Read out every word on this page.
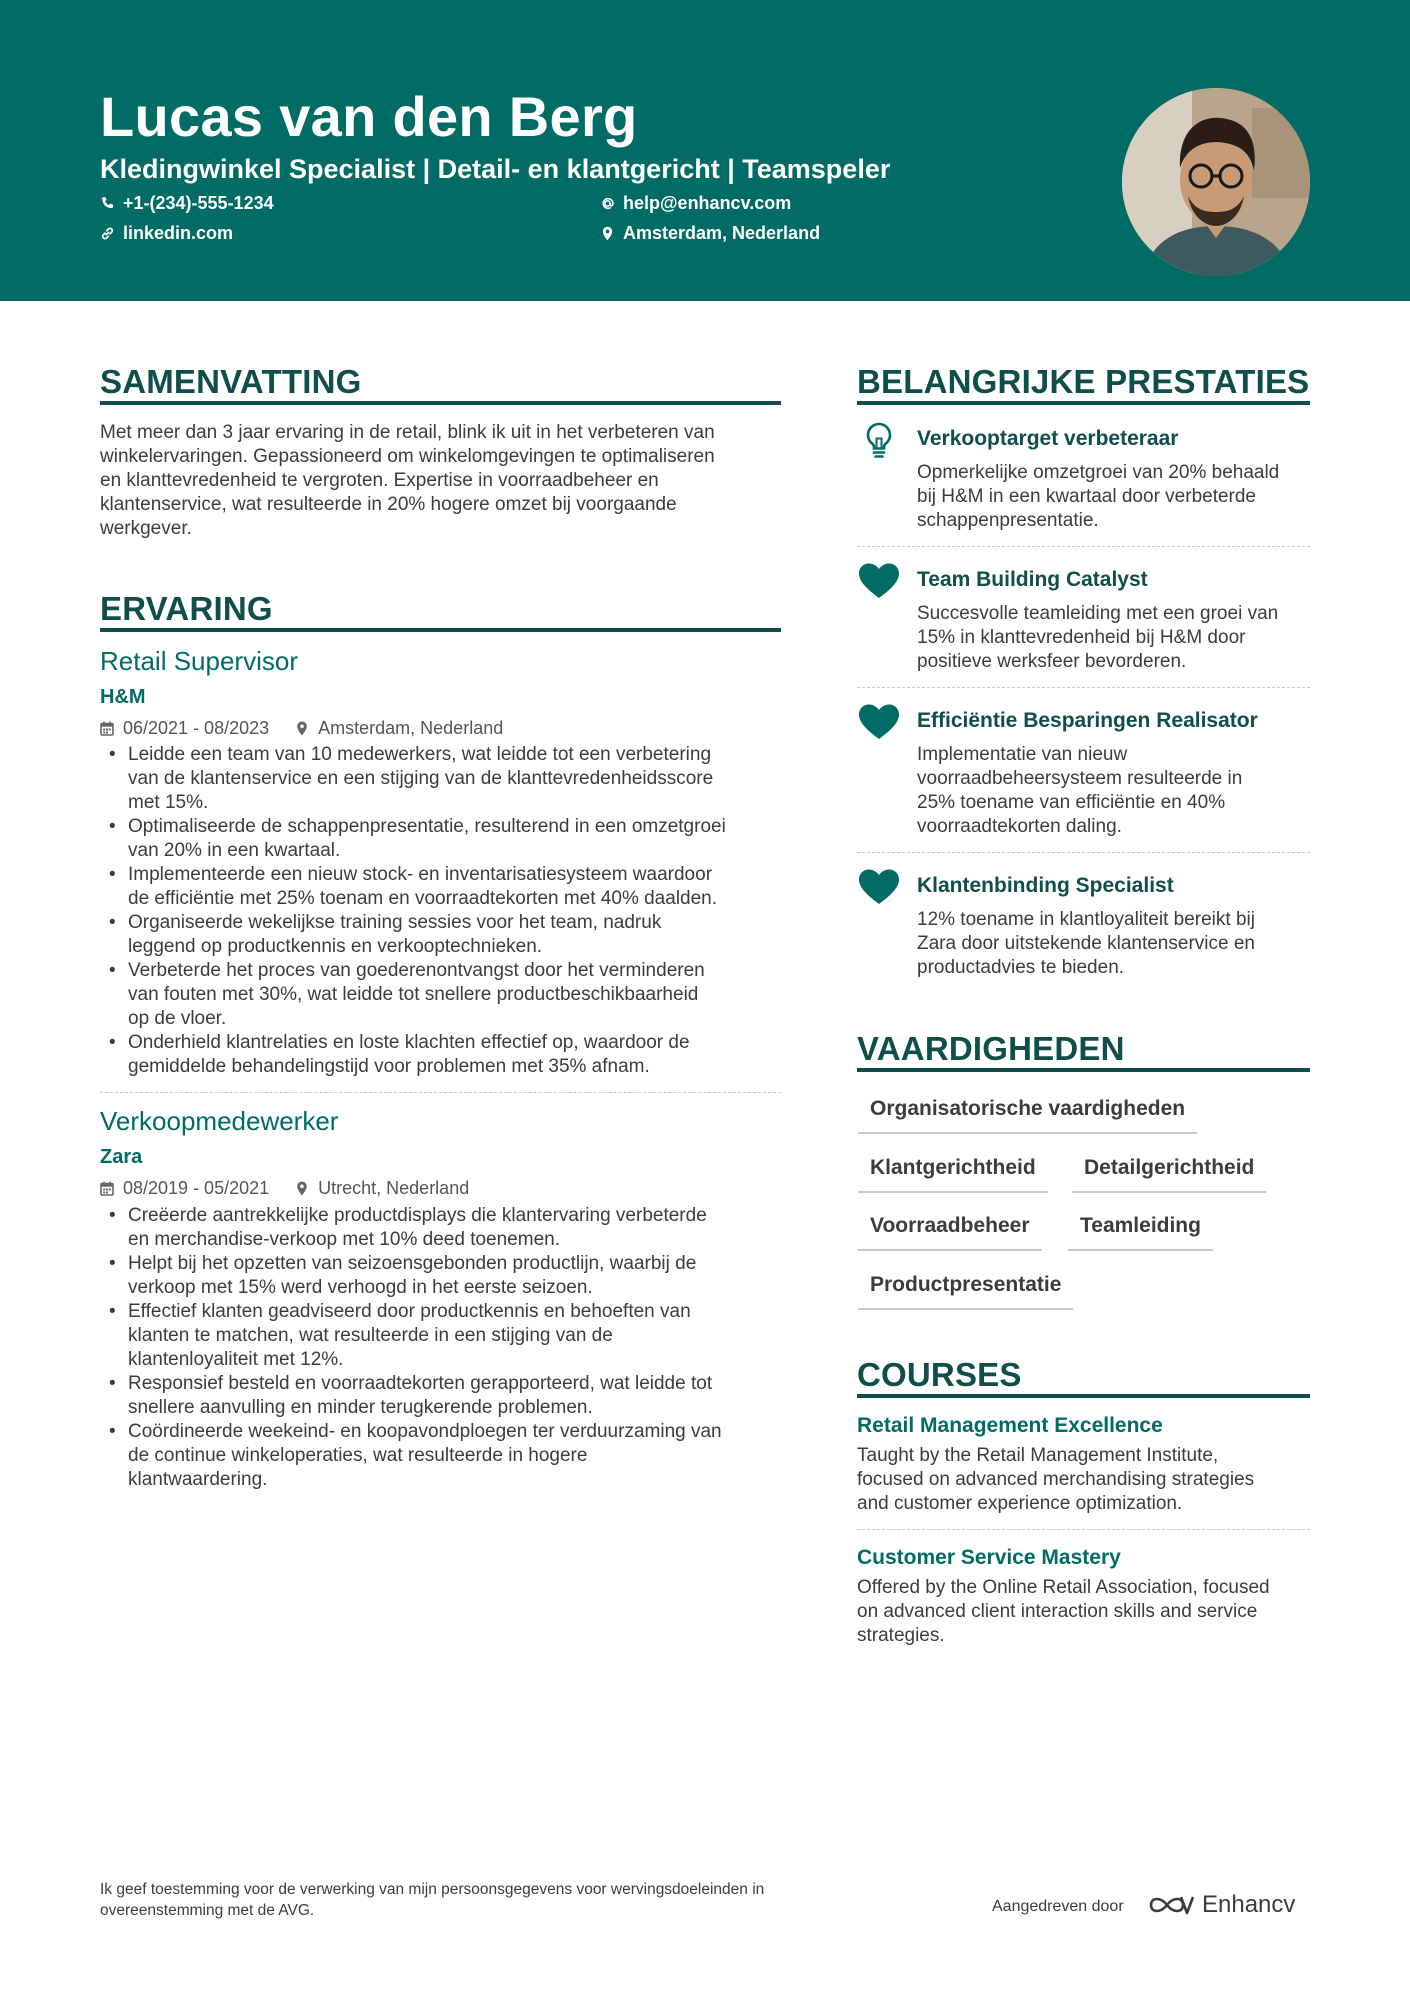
Lucas van den Berg
Kledingwinkel Specialist | Detail- en klantgericht | Teamspeler
+1-(234)-555-1234	help@enhancv.com
linkedin.com	Amsterdam, Nederland
SAMENVATTING
Met meer dan 3 jaar ervaring in de retail, blink ik uit in het verbeteren van
winkelervaringen. Gepassioneerd om winkelomgevingen te optimaliseren
en klanttevredenheid te vergroten. Expertise in voorraadbeheer en
klantenservice, wat resulteerde in 20% hogere omzet bij voorgaande
werkgever.
ERVARING
Retail Supervisor
H&M
06/2021 - 08/2023	Amsterdam, Nederland
• Leidde een team van 10 medewerkers, wat leidde tot een verbetering
van de klantenservice en een stijging van de klanttevredenheidsscore
met 15%.
• Optimaliseerde de schappenpresentatie, resulterend in een omzetgroei
van 20% in een kwartaal.
• Implementeerde een nieuw stock- en inventarisatiesysteem waardoor
de efficiëntie met 25% toenam en voorraadtekorten met 40% daalden.
• Organiseerde wekelijkse training sessies voor het team, nadruk
leggend op productkennis en verkooptechnieken.
• Verbeterde het proces van goederenontvangst door het verminderen
van fouten met 30%, wat leidde tot snellere productbeschikbaarheid
op de vloer.
• Onderhield klantrelaties en loste klachten effectief op, waardoor de
gemiddelde behandelingstijd voor problemen met 35% afnam.
Verkoopmedewerker
Zara
08/2019 - 05/2021	Utrecht, Nederland
• Creëerde aantrekkelijke productdisplays die klantervaring verbeterde
en merchandise-verkoop met 10% deed toenemen.
• Helpt bij het opzetten van seizoensgebonden productlijn, waarbij de
verkoop met 15% werd verhoogd in het eerste seizoen.
• Effectief klanten geadviseerd door productkennis en behoeften van
klanten te matchen, wat resulteerde in een stijging van de
klantenloyaliteit met 12%.
• Responsief besteld en voorraadtekorten gerapporteerd, wat leidde tot
snellere aanvulling en minder terugkerende problemen.
• Coördineerde weekeind- en koopavondploegen ter verduurzaming van
de continue winkeloperaties, wat resulteerde in hogere
klantwaardering.
BELANGRIJKE PRESTATIES
Verkooptarget verbeteraar
Opmerkelijke omzetgroei van 20% behaald
bij H&M in een kwartaal door verbeterde
schappenpresentatie.
Team Building Catalyst
Succesvolle teamleiding met een groei van
15% in klanttevredenheid bij H&M door
positieve werksfeer bevorderen.
Efficiëntie Besparingen Realisator
Implementatie van nieuw
voorraadbeheersysteem resulteerde in
25% toename van efficiëntie en 40%
voorraadtekorten daling.
Klantenbinding Specialist
12% toename in klantloyaliteit bereikt bij
Zara door uitstekende klantenservice en
productadvies te bieden.
VAARDIGHEDEN
Organisatorische vaardigheden
Klantgerichtheid	Detailgerichtheid
Voorraadbeheer	Teamleiding
Productpresentatie
COURSES
Retail Management Excellence
Taught by the Retail Management Institute,
focused on advanced merchandising strategies
and customer experience optimization.
Customer Service Mastery
Offered by the Online Retail Association, focused
on advanced client interaction skills and service
strategies.
Ik geef toestemming voor de verwerking van mijn persoonsgegevens voor wervingsdoeleinden in
overeenstemming met de AVG.	Aangedreven door	Enhancv
